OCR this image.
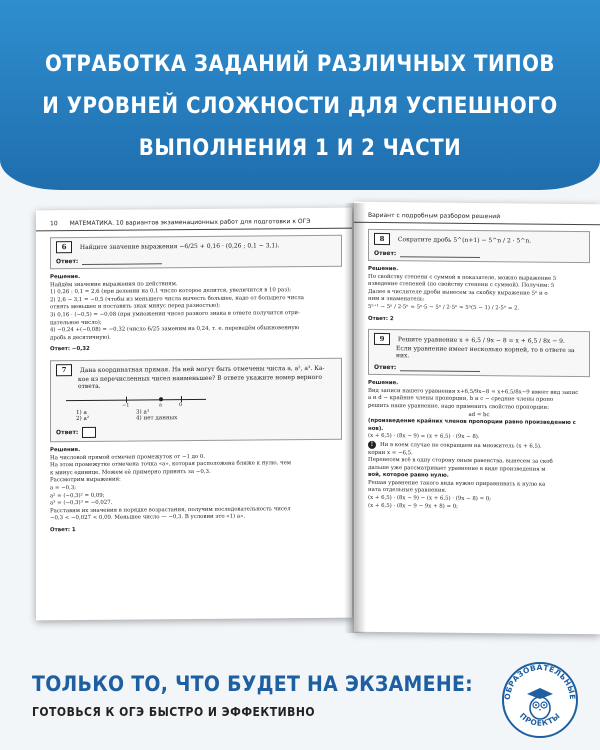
ОТРАБОТКА ЗАДАНИЙ РАЗЛИЧНЫХ ТИПОВ
И УРОВНЕЙ СЛОЖНОСТИ ДЛЯ УСПЕШНОГО
ВЫПОЛНЕНИЯ 1 И 2 ЧАСТИ
10 МАТЕМАТИКА. 10 вариантов экзаменационных работ для подготовки к ОГЭ
6 Найдите значение выражения −6/25 + 0,16 · (0,26 ; 0,1 − 3,1).
Ответ:

Решение.

Найдём значение выражения по действиям.

1) 0,26 : 0,1 = 2,6 (при делении на 0,1 число которое делится, увеличится в 10 раз);

2) 2,6 − 3,1 = −0,5 (чтобы из меньшего числа вычесть большее, надо от большего числа

отнять меньшее и поставить знак минус перед разностью);

3) 0,16 · (−0,5) = −0,08 (при умножении чисел разного знака в ответе получится отри-

цательное число);

4) −0,24 +(−0,08) = −0,32 (число 6/25 заменим на 0,24, т. е. переведём обыкновенную

дробь в десятичную).

Ответ: −0,32

7 Дана координатная прямая. На ней могут быть отмечены числа a, a², a³. Ка-
кое из перечисленных чисел наименьшее? В ответе укажите номер верного
ответа.
−1	a	0
1) a	3) a³
2) a²	4) нет данных
Ответ:

Решение.

На числовой прямой отмечен промежуток от −1 до 0.

На этом промежутке отмечена точка «a», которая расположена ближе к нулю, чем

к минус единице. Можем её примерно принять за −0,3.

Рассмотрим выражения:

a = −0,3;

a² = (−0,3)² = 0,09;

a³ = (−0,3)³ = −0,027.

Расставим их значения в порядке возрастания, получим последовательность чисел

−0,3 < −0,027 < 0,09. Меньшее число — −0,3. В условии это «1) a».

Ответ: 1

Вариант с подробным разбором решений
8 Сократите дробь 5^(n+1) − 5^n / 2 · 5^n.
Ответ:

Решение.

По свойству степени с суммой в показателе, можно выражение 5

изведение степеней (по свойству степени с суммой). Получим: 5

Далее в числителе дроби вынесем за скобку выражение 5ⁿ и о

ним и знаменатель:

5ⁿ⁺¹ − 5ⁿ / 2·5ⁿ = 5ⁿ·5 − 5ⁿ / 2·5ⁿ = 5ⁿ(5 − 1) / 2·5ⁿ = 2.

Ответ: 2

9 Решите уравнение x + 6,5 / 9x − 8 = x + 6,5 / 8x − 9.
Если уравнение имеет несколько корней, то в ответе за
них.
Ответ:

Решение.

Вид записи нашего уравнения x+6,5/9x−8 = x+6,5/8x−9 имеет вид запис

a и d − крайние члены пропорции, b и c − средние члены пропо

решить наше уравнение, надо применить свойство пропорции:

ad = bc

(произведение крайних членов пропорции равно произведению с

нов).

(x + 6,5) · (8x − 9) = (x + 6,5) · (9x − 8).

! Ни в коем случае не сокращаем на множитель (x + 6,5).

корни x = −6,5.

Перенесем всё в одну сторону оным равенства, вынесем за скоб

дальше уже рассматривает уравнение в виде произведения м

вой, которое равно нулю.

Решая уравнение такого вида нужно приравнивать к нулю ка

ната отдельные уравнения.

(x + 6,5) · (8x − 9) − (x + 6,5) · (9x − 8) = 0;

(x + 6,5) · (8x − 9 − 9x + 8) = 0;

ТОЛЬКО ТО, ЧТО БУДЕТ НА ЭКЗАМЕНЕ:
ГОТОВЬСЯ К ОГЭ БЫСТРО И ЭФФЕКТИВНО
ОБРАЗОВАТЕЛЬНЫЕ
ПРОЕКТЫ
